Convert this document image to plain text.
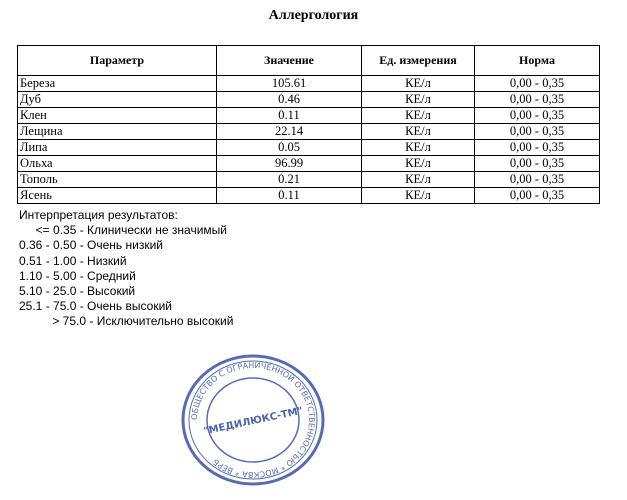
Аллергология
Параметр	Значение	Ед. измерения	Норма
Береза	105.61	КЕ/л	0,00 - 0,35
Дуб	0.46	КЕ/л	0,00 - 0,35
Клен	0.11	КЕ/л	0,00 - 0,35
Лещина	22.14	КЕ/л	0,00 - 0,35
Липа	0.05	КЕ/л	0,00 - 0,35
Ольха	96.99	КЕ/л	0,00 - 0,35
Тополь	0.21	КЕ/л	0,00 - 0,35
Ясень	0.11	КЕ/л	0,00 - 0,35
Интерпретация результатов:
<= 0.35 - Клинически не значимый
0.36 - 0.50 - Очень низкий
0.51 - 1.00 - Низкий
1.10 - 5.00 - Средний
5.10 - 25.0 - Высокий
25.1 - 75.0 - Очень высокий
> 75.0 - Исключительно высокий
ОБЩЕСТВО С ОГРАНИЧЕННОЙ ОТВЕТСТВЕННОСТЬЮ * МОСКВА * ВЕРБ
"МЕДИЛЮКС-ТМ"
